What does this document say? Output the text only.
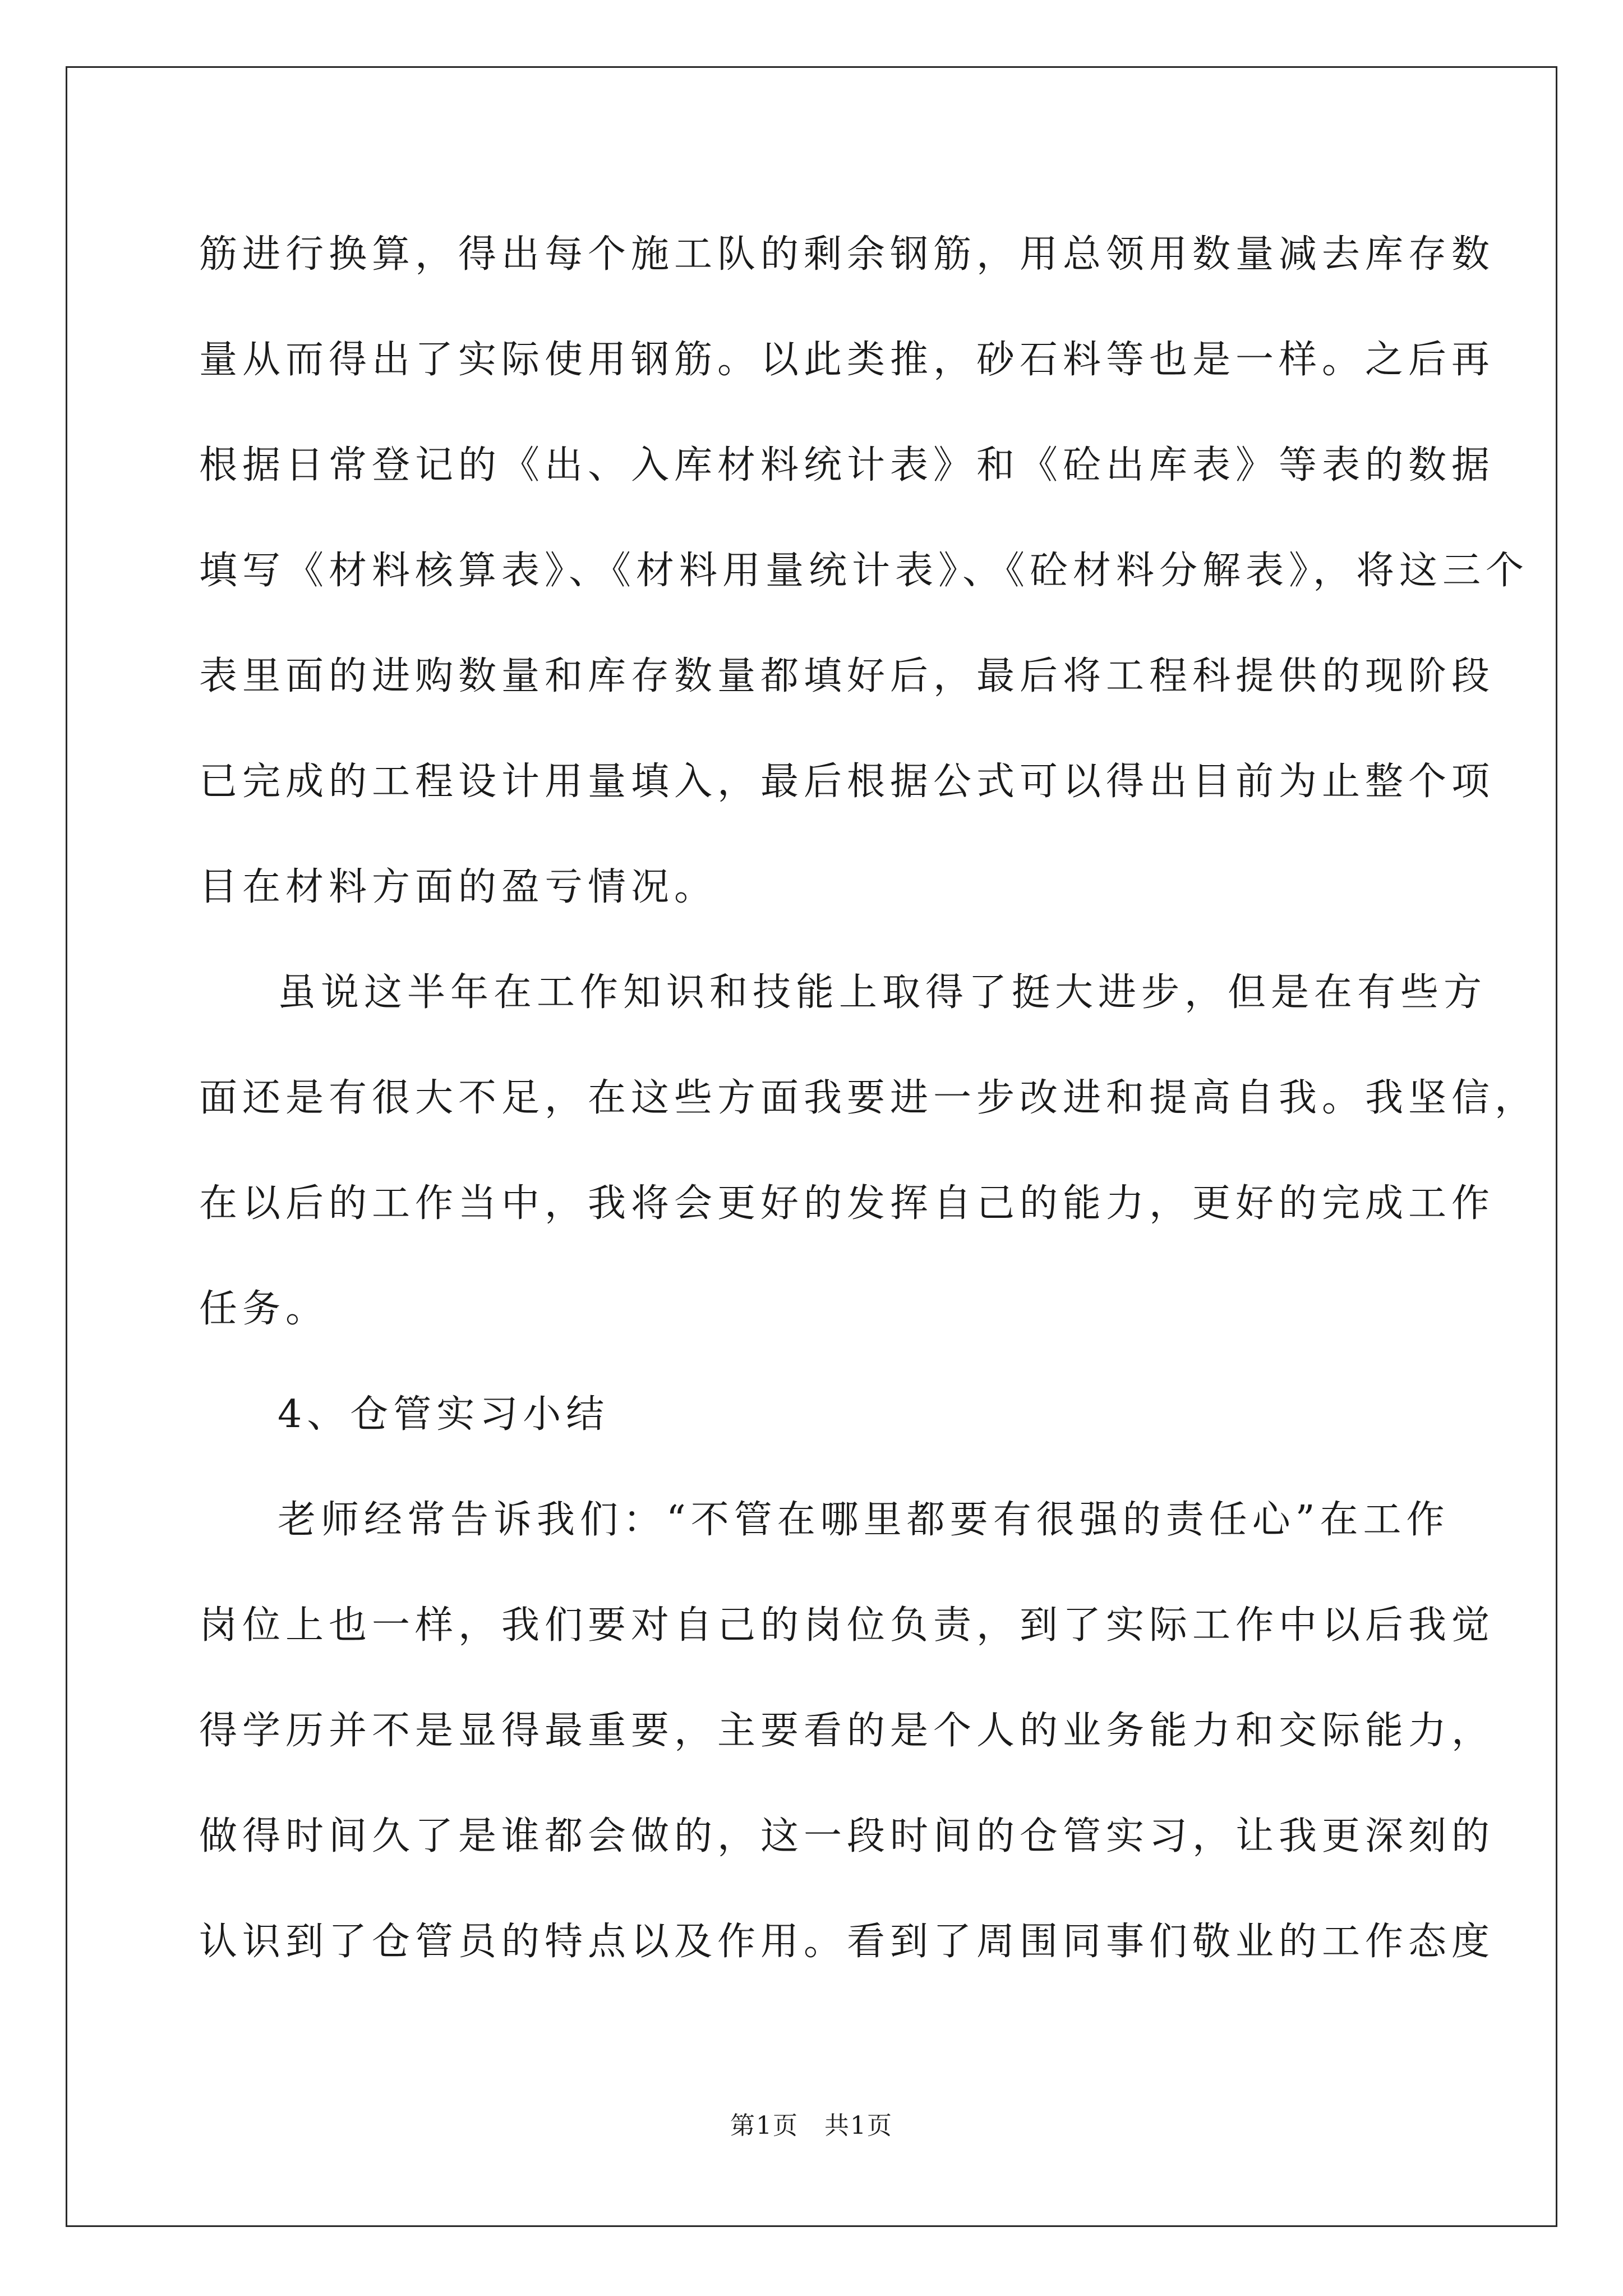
筋进行换算，得出每个施工队的剩余钢筋，用总领用数量减去库存数
量从而得出了实际使用钢筋。以此类推，砂石料等也是一样。之后再
根据日常登记的《出、入库材料统计表》和《砼出库表》等表的数据
填写《材料核算表》、《材料用量统计表》、《砼材料分解表》，将这三个
表里面的进购数量和库存数量都填好后，最后将工程科提供的现阶段
已完成的工程设计用量填入，最后根据公式可以得出目前为止整个项
目在材料方面的盈亏情况。
虽说这半年在工作知识和技能上取得了挺大进步，但是在有些方
面还是有很大不足，在这些方面我要进一步改进和提高自我。我坚信，
在以后的工作当中，我将会更好的发挥自己的能力，更好的完成工作
任务。
4、仓管实习小结
老师经常告诉我们：“不管在哪里都要有很强的责任心”在工作
岗位上也一样，我们要对自己的岗位负责，到了实际工作中以后我觉
得学历并不是显得最重要，主要看的是个人的业务能力和交际能力，
做得时间久了是谁都会做的，这一段时间的仓管实习，让我更深刻的
认识到了仓管员的特点以及作用。看到了周围同事们敬业的工作态度
第1页　共1页
